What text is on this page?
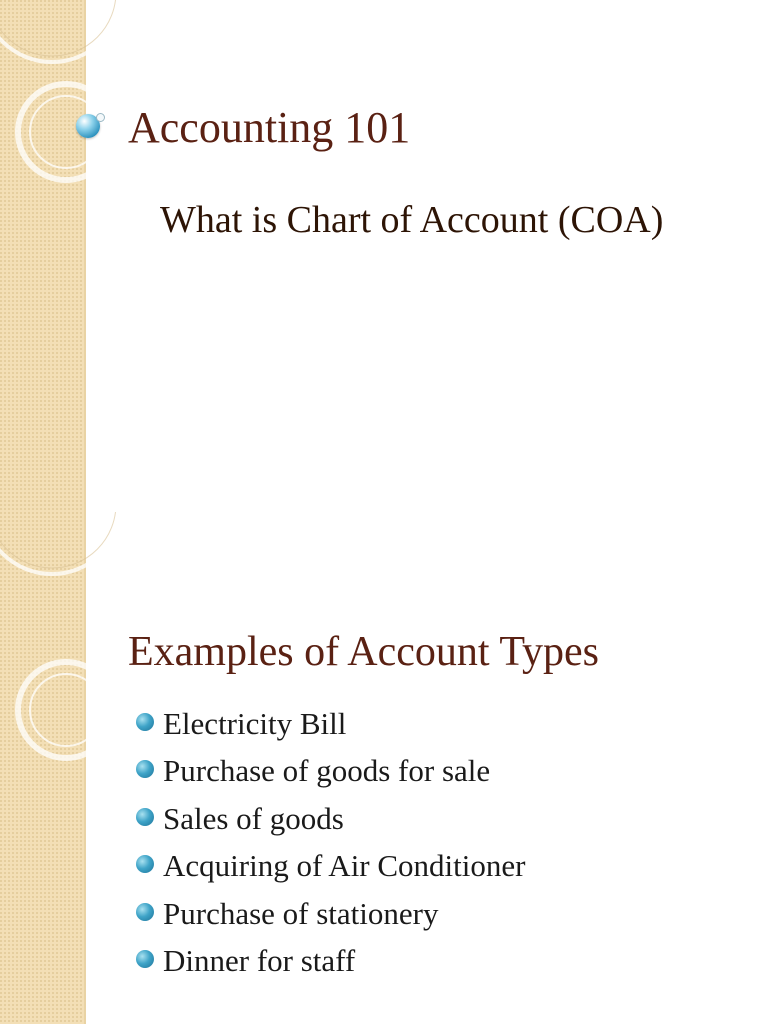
Accounting 101
What is Chart of Account (COA)
Examples of Account Types
Electricity Bill
Purchase of goods for sale
Sales of goods
Acquiring of Air Conditioner
Purchase of stationery
Dinner for staff
